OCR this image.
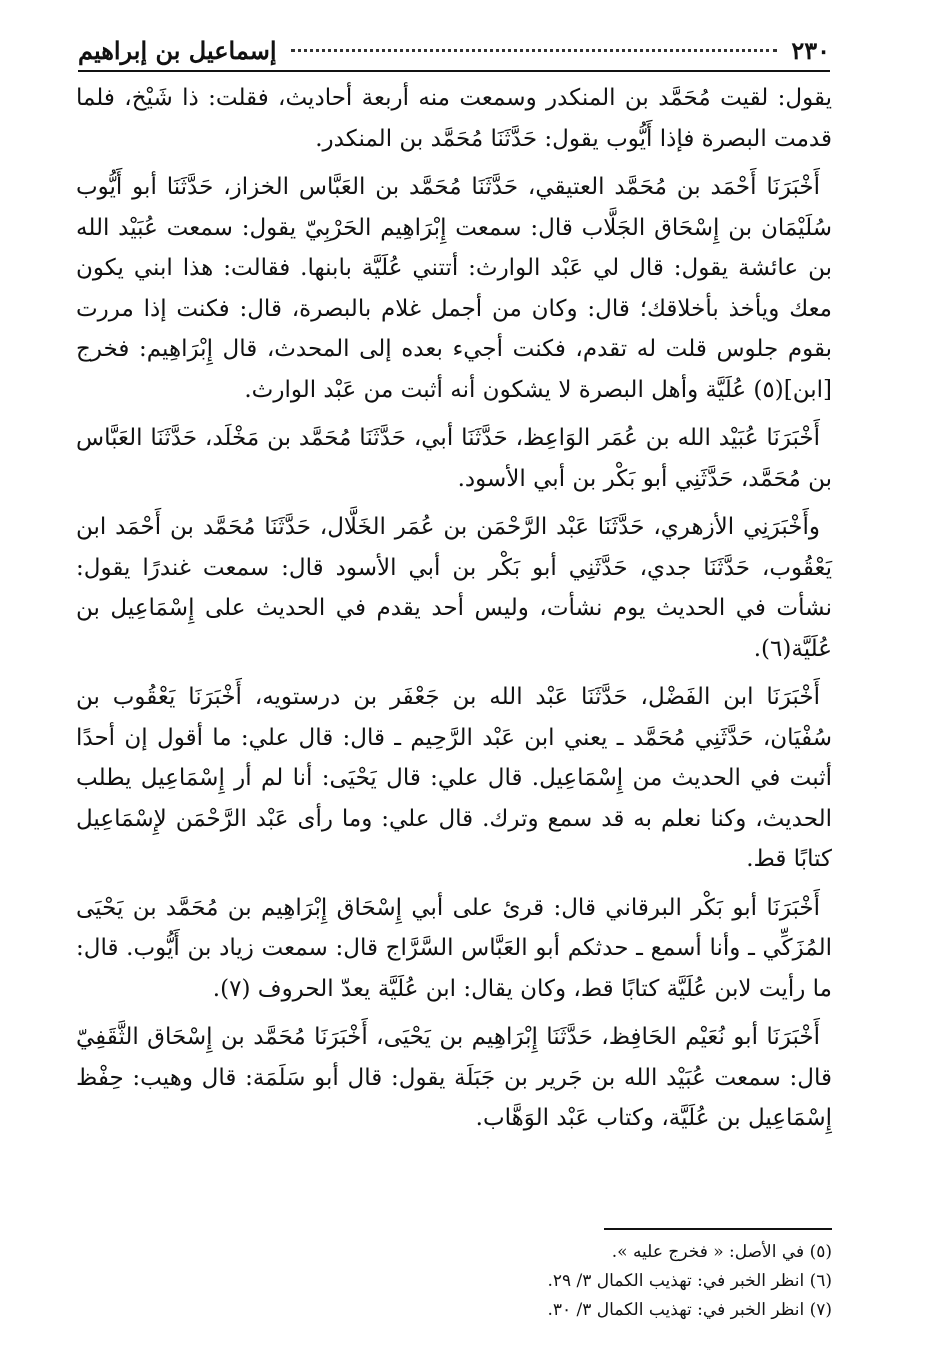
٢٣٠
إسماعيل بن إبراهيم

يقول: لقيت مُحَمَّد بن المنكدر وسمعت منه أربعة أحاديث، فقلت: ذا شَيْخ، فلما قدمت البصرة فإذا أَيُّوب يقول: حَدَّثَنَا مُحَمَّد بن المنكدر.

أَخْبَرَنَا أَحْمَد بن مُحَمَّد العتيقي، حَدَّثَنَا مُحَمَّد بن العَبَّاس الخزاز، حَدَّثَنَا أبو أَيُّوب سُلَيْمَان بن إِسْحَاق الجَلَّاب قال: سمعت إِبْرَاهِيم الحَرْبِيّ يقول: سمعت عُبَيْد الله بن عائشة يقول: قال لي عَبْد الوارث: أتتني عُلَيَّة بابنها. فقالت: هذا ابني يكون معك ويأخذ بأخلاقك؛ قال: وكان من أجمل غلام بالبصرة، قال: فكنت إذا مررت بقوم جلوس قلت له تقدم، فكنت أجيء بعده إلى المحدث، قال إِبْرَاهِيم: فخرج [ابن](٥) عُلَيَّة وأهل البصرة لا يشكون أنه أثبت من عَبْد الوارث.

أَخْبَرَنَا عُبَيْد الله بن عُمَر الوَاعِظ، حَدَّثَنَا أبي، حَدَّثَنَا مُحَمَّد بن مَخْلَد، حَدَّثَنَا العَبَّاس بن مُحَمَّد، حَدَّثَنِي أبو بَكْر بن أبي الأسود.

وأَخْبَرَنِي الأزهري، حَدَّثَنَا عَبْد الرَّحْمَن بن عُمَر الخَلَّال، حَدَّثَنَا مُحَمَّد بن أَحْمَد ابن يَعْقُوب، حَدَّثَنَا جدي، حَدَّثَنِي أبو بَكْر بن أبي الأسود قال: سمعت غندرًا يقول: نشأت في الحديث يوم نشأت، وليس أحد يقدم في الحديث على إِسْمَاعِيل بن عُلَيَّة(٦).

أَخْبَرَنَا ابن الفَضْل، حَدَّثَنَا عَبْد الله بن جَعْفَر بن درستويه، أَخْبَرَنَا يَعْقُوب بن سُفْيَان، حَدَّثَنِي مُحَمَّد ـ يعني ابن عَبْد الرَّحِيم ـ قال: قال علي: ما أقول إن أحدًا أثبت في الحديث من إِسْمَاعِيل. قال علي: قال يَحْيَى: أنا لم أر إِسْمَاعِيل يطلب الحديث، وكنا نعلم به قد سمع وترك. قال علي: وما رأى عَبْد الرَّحْمَن لإِسْمَاعِيل كتابًا قط.

أَخْبَرَنَا أبو بَكْر البرقاني قال: قرئ على أبي إِسْحَاق إِبْرَاهِيم بن مُحَمَّد بن يَحْيَى المُزَكِّي ـ وأنا أسمع ـ حدثكم أبو العَبَّاس السَّرَّاج قال: سمعت زياد بن أَيُّوب. قال: ما رأيت لابن عُلَيَّة كتابًا قط، وكان يقال: ابن عُلَيَّة يعدّ الحروف (٧).

أَخْبَرَنَا أبو نُعَيْم الحَافِظ، حَدَّثَنَا إِبْرَاهِيم بن يَحْيَى، أَخْبَرَنَا مُحَمَّد بن إِسْحَاق الثَّقَفِيّ قال: سمعت عُبَيْد الله بن جَرير بن جَبَلَة يقول: قال أبو سَلَمَة: قال وهيب: حِفْظ إِسْمَاعِيل بن عُلَيَّة، وكتاب عَبْد الوَهَّاب.

(٥) في الأصل: « فخرج عليه ».
(٦) انظر الخبر في: تهذيب الكمال ٣/ ٢٩.
(٧) انظر الخبر في: تهذيب الكمال ٣/ ٣٠.
